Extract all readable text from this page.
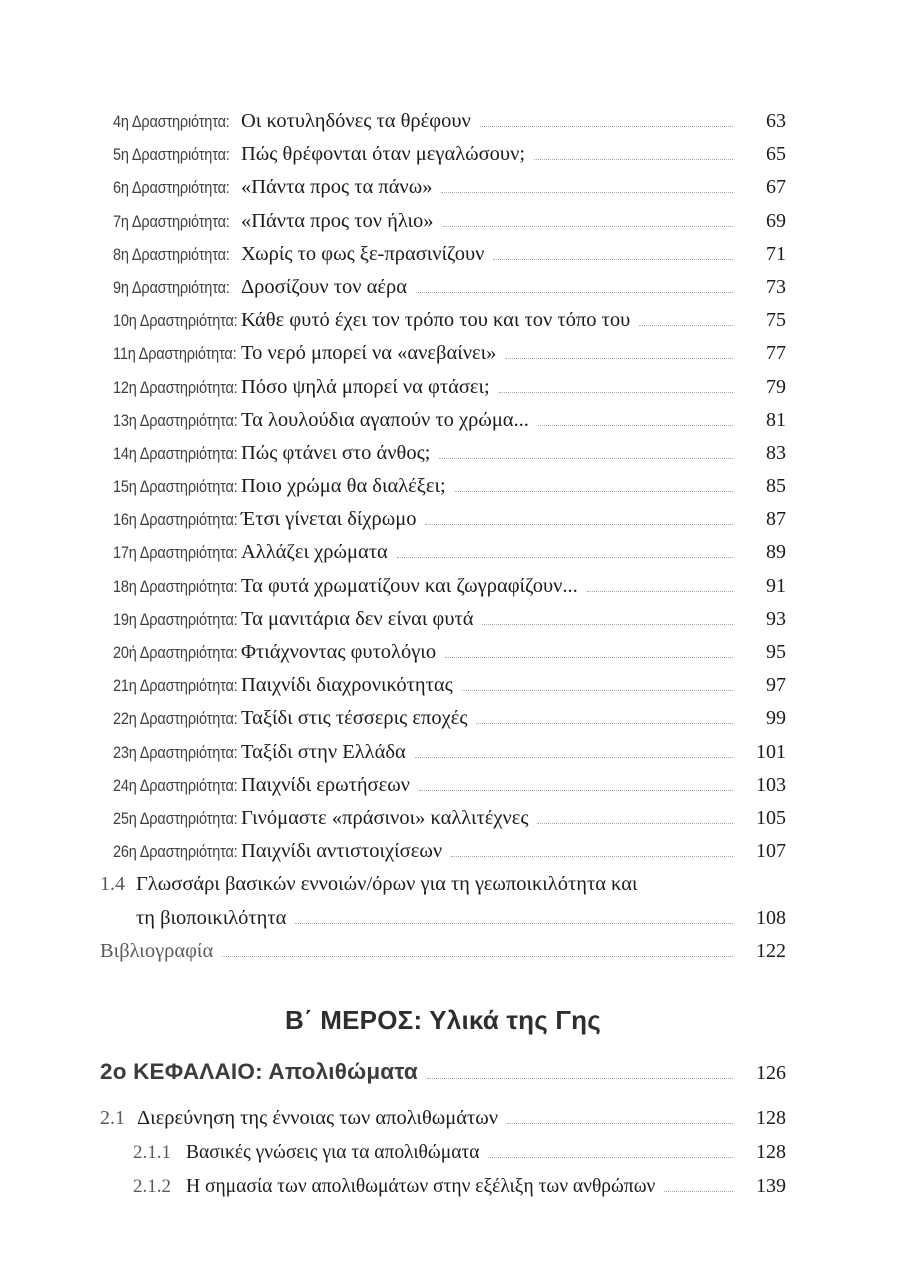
4η Δραστηριότητα: Οι κοτυληδόνες τα θρέφουν	63
5η Δραστηριότητα: Πώς θρέφονται όταν μεγαλώσουν;	65
6η Δραστηριότητα: «Πάντα προς τα πάνω»	67
7η Δραστηριότητα: «Πάντα προς τον ήλιο»	69
8η Δραστηριότητα: Χωρίς το φως ξε-πρασινίζουν	71
9η Δραστηριότητα: Δροσίζουν τον αέρα	73
10η Δραστηριότητα: Κάθε φυτό έχει τον τρόπο του και τον τόπο του	75
11η Δραστηριότητα: Το νερό μπορεί να «ανεβαίνει»	77
12η Δραστηριότητα: Πόσο ψηλά μπορεί να φτάσει;	79
13η Δραστηριότητα: Τα λουλούδια αγαπούν το χρώμα...	81
14η Δραστηριότητα: Πώς φτάνει στο άνθος;	83
15η Δραστηριότητα: Ποιο χρώμα θα διαλέξει;	85
16η Δραστηριότητα: Έτσι γίνεται δίχρωμο	87
17η Δραστηριότητα: Αλλάζει χρώματα	89
18η Δραστηριότητα: Τα φυτά χρωματίζουν και ζωγραφίζουν...	91
19η Δραστηριότητα: Τα μανιτάρια δεν είναι φυτά	93
20ή Δραστηριότητα: Φτιάχνοντας φυτολόγιο	95
21η Δραστηριότητα: Παιχνίδι διαχρονικότητας	97
22η Δραστηριότητα: Ταξίδι στις τέσσερις εποχές	99
23η Δραστηριότητα: Ταξίδι στην Ελλάδα	101
24η Δραστηριότητα: Παιχνίδι ερωτήσεων	103
25η Δραστηριότητα: Γινόμαστε «πράσινοι» καλλιτέχνες	105
26η Δραστηριότητα: Παιχνίδι αντιστοιχίσεων	107
1.4 Γλωσσάρι βασικών εννοιών/όρων για τη γεωποικιλότητα και
τη βιοποικιλότητα	108
Βιβλιογραφία	122
Β΄ ΜΕΡΟΣ: Υλικά της Γης
2ο ΚΕΦΑΛΑΙΟ: Απολιθώματα	126
2.1 Διερεύνηση της έννοιας των απολιθωμάτων	128
2.1.1 Βασικές γνώσεις για τα απολιθώματα	128
2.1.2 Η σημασία των απολιθωμάτων στην εξέλιξη των ανθρώπων	139
